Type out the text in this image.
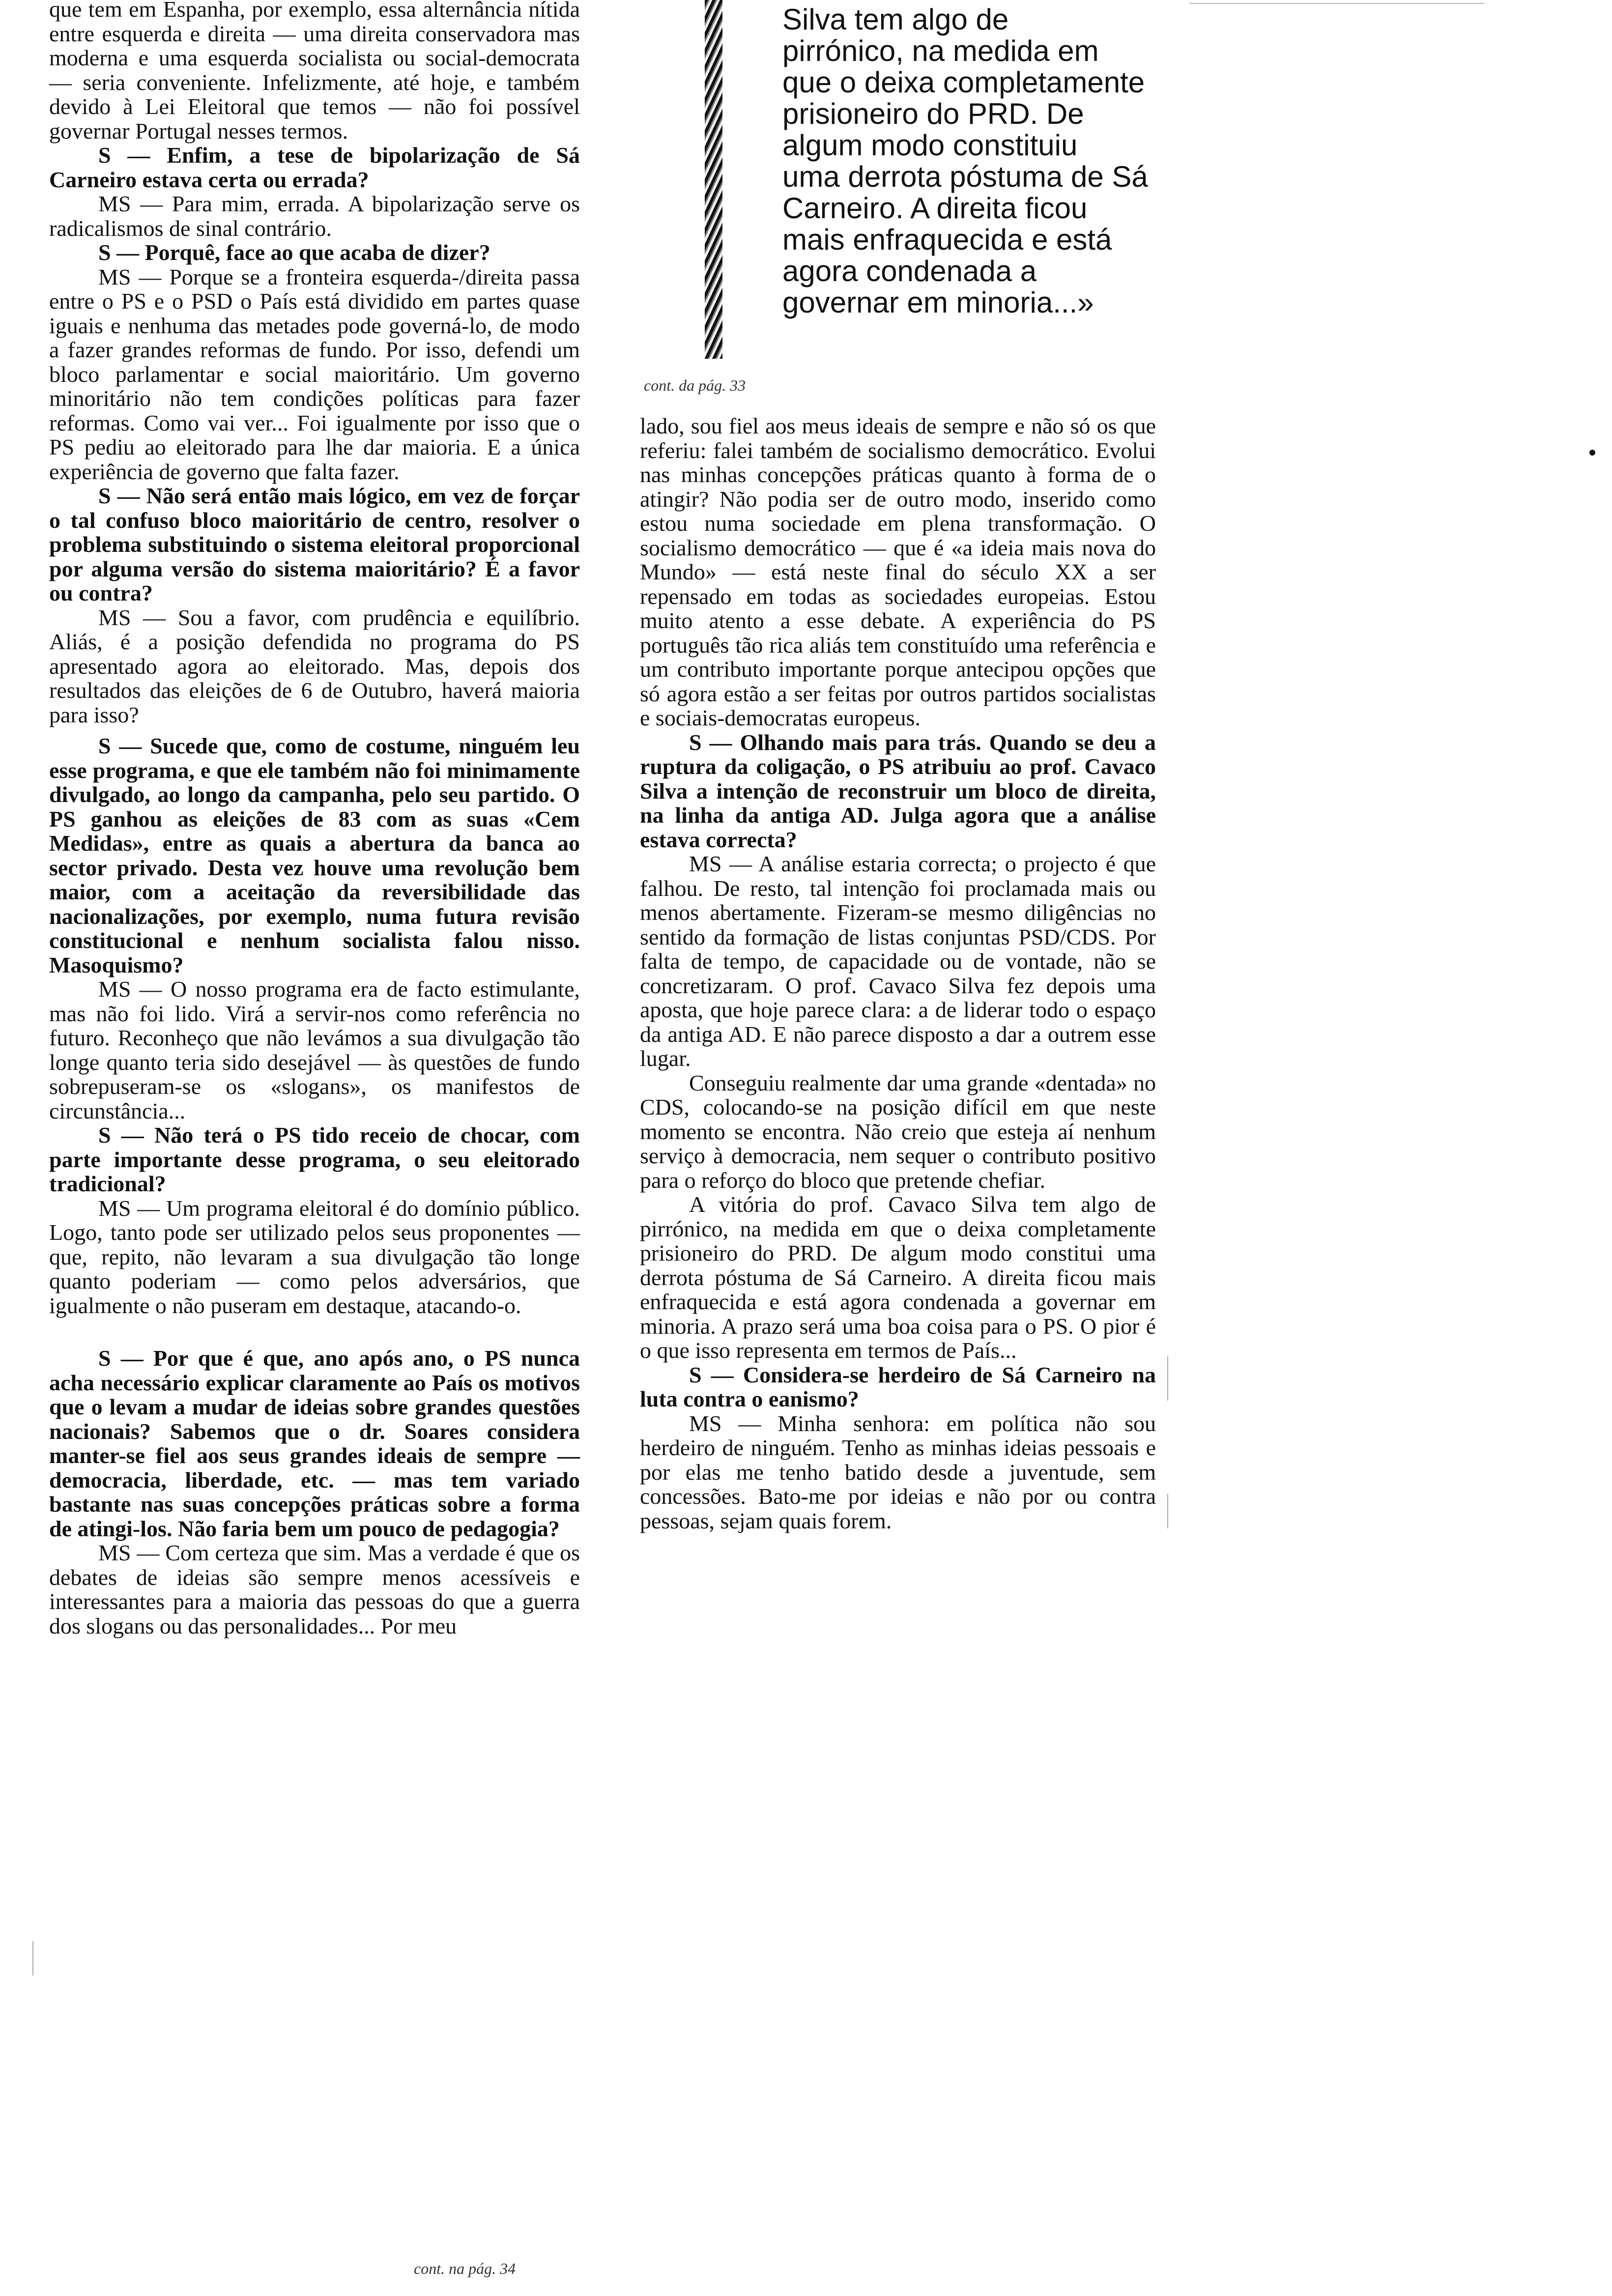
que tem em Espanha, por exemplo, essa alternância nítida entre esquerda e direita — uma direita conservadora mas moderna e uma esquerda socialista ou social-democrata — seria conveniente. Infelizmente, até hoje, e também devido à Lei Eleitoral que temos — não foi possível governar Portugal nesses termos.

S — Enfim, a tese de bipolarização de Sá Carneiro estava certa ou errada?

MS — Para mim, errada. A bipolarização serve os radicalismos de sinal contrário.

S — Porquê, face ao que acaba de dizer?

MS — Porque se a fronteira esquerda-/direita passa entre o PS e o PSD o País está dividido em partes quase iguais e nenhuma das metades pode governá-lo, de modo a fazer grandes reformas de fundo. Por isso, defendi um bloco parlamentar e social maioritário. Um governo minoritário não tem condições políticas para fazer reformas. Como vai ver... Foi igualmente por isso que o PS pediu ao eleitorado para lhe dar maioria. E a única experiência de governo que falta fazer.

S — Não será então mais lógico, em vez de forçar o tal confuso bloco maioritário de centro, resolver o problema substituindo o sistema eleitoral proporcional por alguma versão do sistema maioritário? É a favor ou contra?

MS — Sou a favor, com prudência e equilíbrio. Aliás, é a posição defendida no programa do PS apresentado agora ao eleitorado. Mas, depois dos resultados das eleições de 6 de Outubro, haverá maioria para isso?

S — Sucede que, como de costume, ninguém leu esse programa, e que ele também não foi minimamente divulgado, ao longo da campanha, pelo seu partido. O PS ganhou as eleições de 83 com as suas «Cem Medidas», entre as quais a abertura da banca ao sector privado. Desta vez houve uma revolução bem maior, com a aceitação da reversibilidade das nacionalizações, por exemplo, numa futura revisão constitucional e nenhum socialista falou nisso. Masoquismo?

MS — O nosso programa era de facto estimulante, mas não foi lido. Virá a servir-nos como referência no futuro. Reconheço que não levámos a sua divulgação tão longe quanto teria sido desejável — às questões de fundo sobrepuseram-se os «slogans», os manifestos de circunstância...

S — Não terá o PS tido receio de chocar, com parte importante desse programa, o seu eleitorado tradicional?

MS — Um programa eleitoral é do domínio público. Logo, tanto pode ser utilizado pelos seus proponentes — que, repito, não levaram a sua divulgação tão longe quanto poderiam — como pelos adversários, que igualmente o não puseram em destaque, atacando-o.

S — Por que é que, ano após ano, o PS nunca acha necessário explicar claramente ao País os motivos que o levam a mudar de ideias sobre grandes questões nacionais? Sabemos que o dr. Soares considera manter-se fiel aos seus grandes ideais de sempre — democracia, liberdade, etc. — mas tem variado bastante nas suas concepções práticas sobre a forma de atingi-los. Não faria bem um pouco de pedagogia?

MS — Com certeza que sim. Mas a verdade é que os debates de ideias são sempre menos acessíveis e interessantes para a maioria das pessoas do que a guerra dos slogans ou das personalidades... Por meu

Silva tem algo de

pirrónico, na medida em

que o deixa completamente

prisioneiro do PRD. De

algum modo constituiu

uma derrota póstuma de Sá

Carneiro. A direita ficou

mais enfraquecida e está

agora condenada a

governar em minoria...»

cont. da pág. 33

lado, sou fiel aos meus ideais de sempre e não só os que referiu: falei também de socialismo democrático. Evolui nas minhas concepções práticas quanto à forma de o atingir? Não podia ser de outro modo, inserido como estou numa sociedade em plena transformação. O socialismo democrático — que é «a ideia mais nova do Mundo» — está neste final do século XX a ser repensado em todas as sociedades europeias. Estou muito atento a esse debate. A experiência do PS português tão rica aliás tem constituído uma referência e um contributo importante porque antecipou opções que só agora estão a ser feitas por outros partidos socialistas e sociais-democratas europeus.

S — Olhando mais para trás. Quando se deu a ruptura da coligação, o PS atribuiu ao prof. Cavaco Silva a intenção de reconstruir um bloco de direita, na linha da antiga AD. Julga agora que a análise estava correcta?

MS — A análise estaria correcta; o projecto é que falhou. De resto, tal intenção foi proclamada mais ou menos abertamente. Fizeram-se mesmo diligências no sentido da formação de listas conjuntas PSD/CDS. Por falta de tempo, de capacidade ou de vontade, não se concretizaram. O prof. Cavaco Silva fez depois uma aposta, que hoje parece clara: a de liderar todo o espaço da antiga AD. E não parece disposto a dar a outrem esse lugar.

Conseguiu realmente dar uma grande «dentada» no CDS, colocando-se na posição difícil em que neste momento se encontra. Não creio que esteja aí nenhum serviço à democracia, nem sequer o contributo positivo para o reforço do bloco que pretende chefiar.

A vitória do prof. Cavaco Silva tem algo de pirrónico, na medida em que o deixa completamente prisioneiro do PRD. De algum modo constitui uma derrota póstuma de Sá Carneiro. A direita ficou mais enfraquecida e está agora condenada a governar em minoria. A prazo será uma boa coisa para o PS. O pior é o que isso representa em termos de País...

S — Considera-se herdeiro de Sá Carneiro na luta contra o eanismo?

MS — Minha senhora: em política não sou herdeiro de ninguém. Tenho as minhas ideias pessoais e por elas me tenho batido desde a juventude, sem concessões. Bato-me por ideias e não por ou contra pessoas, sejam quais forem.

cont. na pág. 34
